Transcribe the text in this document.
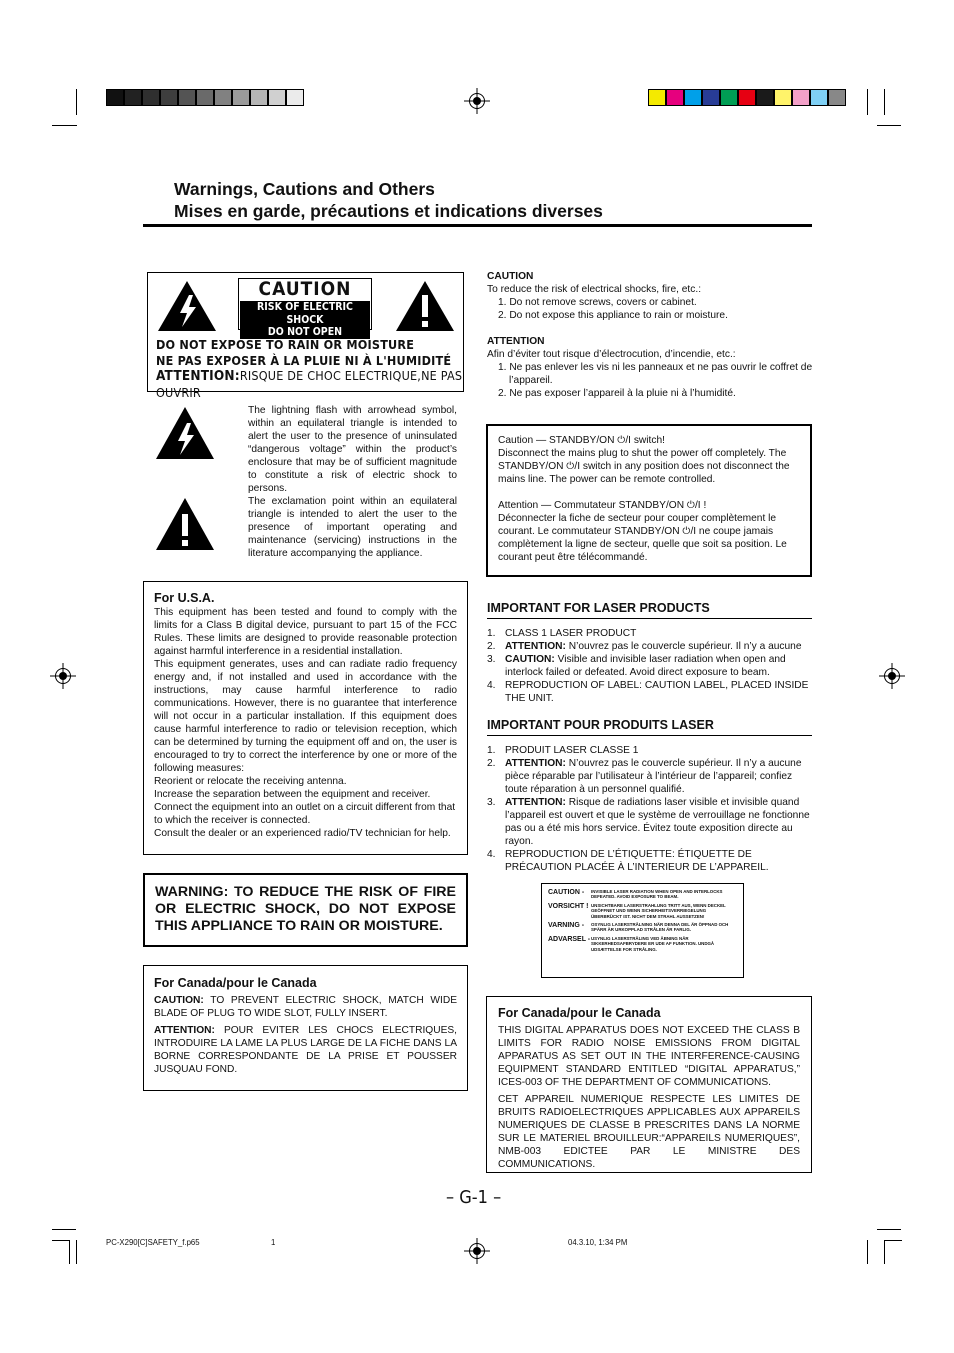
Warnings, Cautions and Others
Mises en garde, précautions et indications diverses
CAUTION
RISK OF ELECTRIC SHOCK
DO NOT OPEN
DO NOT EXPOSE TO RAIN OR MOISTURE
NE PAS EXPOSER À LA PLUIE NI À L'HUMIDITÉ
ATTENTION:RISQUE DE CHOC ELECTRIQUE,NE PAS OUVRIR

The lightning flash with arrowhead symbol, within an equilateral triangle is intended to alert the user to the presence of uninsulated “dangerous voltage” within the product’s enclosure that may be of sufficient magnitude to constitute a risk of electric shock to persons.

The exclamation point within an equilateral triangle is intended to alert the user to the presence of important operating and maintenance (servicing) instructions in the literature accompanying the appliance.

For U.S.A.

This equipment has been tested and found to comply with the limits for a Class B digital device, pursuant to part 15 of the FCC Rules. These limits are designed to provide reasonable protection against harmful interference in a residential installation.

This equipment generates, uses and can radiate radio frequency energy and, if not installed and used in accordance with the instructions, may cause harmful interference to radio communications. However, there is no guarantee that interference will not occur in a particular installation. If this equipment does cause harmful interference to radio or television reception, which can be determined by turning the equipment off and on, the user is encouraged to try to correct the interference by one or more of the following measures:

Reorient or relocate the receiving antenna.

Increase the separation between the equipment and receiver.

Connect the equipment into an outlet on a circuit different from that to which the receiver is connected.

Consult the dealer or an experienced radio/TV technician for help.

WARNING: TO REDUCE THE RISK OF FIRE OR ELECTRIC SHOCK, DO NOT EXPOSE THIS APPLIANCE TO RAIN OR MOISTURE.

For Canada/pour le Canada

CAUTION: TO PREVENT ELECTRIC SHOCK, MATCH WIDE BLADE OF PLUG TO WIDE SLOT, FULLY INSERT.

ATTENTION: POUR EVITER LES CHOCS ELECTRIQUES, INTRODUIRE LA LAME LA PLUS LARGE DE LA FICHE DANS LA BORNE CORRESPONDANTE DE LA PRISE ET POUSSER JUSQUAU FOND.

CAUTION
To reduce the risk of electrical shocks, fire, etc.:
1. Do not remove screws, covers or cabinet.
2. Do not expose this appliance to rain or moisture.
ATTENTION
Afin d’éviter tout risque d’électrocution, d’incendie, etc.:
1. Ne pas enlever les vis ni les panneaux et ne pas ouvrir le coffret de l’appareil.
2. Ne pas exposer l’appareil à la pluie ni à l’humidité.

Caution — STANDBY/ON ⏻/I switch!

Disconnect the mains plug to shut the power off completely. The STANDBY/ON ⏻/I switch in any position does not disconnect the mains line. The power can be remote controlled.

Attention — Commutateur STANDBY/ON ⏻/I !

Déconnecter la fiche de secteur pour couper complètement le courant. Le commutateur STANDBY/ON ⏻/I ne coupe jamais complètement la ligne de secteur, quelle que soit sa position. Le courant peut être télécommandé.

IMPORTANT FOR LASER PRODUCTS
1. CLASS 1 LASER PRODUCT
2. ATTENTION: N’ouvrez pas le couvercle supérieur. Il n’y a aucune
3. CAUTION: Visible and invisible laser radiation when open and interlock failed or defeated. Avoid direct exposure to beam.
4. REPRODUCTION OF LABEL: CAUTION LABEL, PLACED INSIDE THE UNIT.
IMPORTANT POUR PRODUITS LASER
1. PRODUIT LASER CLASSE 1
2. ATTENTION: N’ouvrez pas le couvercle supérieur. Il n’y a aucune pièce réparable par l’utilisateur à l’intérieur de l’appareil; confiez toute réparation à un personnel qualifié.
3. ATTENTION: Risque de radiations laser visible et invisible quand l’appareil est ouvert et que le système de verrouillage ne fonctionne pas ou a été mis hors service. Évitez toute exposition directe au rayon.
4. REPRODUCTION DE L’ÉTIQUETTE: ÉTIQUETTE DE PRÉCAUTION PLACÉE À L’INTERIEUR DE L’APPAREIL.
CAUTION -	INVISIBLE LASER RADIATION WHEN OPEN AND INTERLOCKS DEFEATED. AVOID EXPOSURE TO BEAM.
VORSICHT ! UNSICHTBARE LASERSTRAHLUNG TRITT AUS, WENN DECKEL GEÖFFNET UND WENN SICHERHEITSVERRIEGELUNG ÜBERBRÜCKT IST. NICHT DEM STRAHL AUSSETZEN!
VARNING -	OSYNLIG LASERSTRÅLNING NÄR DENNA DEL ÄR ÖPPNAD OCH SPÄRR ÄR URKOPPLAD STRÅLEN ÄR FARLIG.
ADVARSEL - USYNLIG LASERSTRÅLING VED ÅBNING NÅR SIKKERHEDSAFBRYDERE ER UDE AF FUNKTION. UNDGÅ UDSÆTTELSE FOR STRÅLING.
For Canada/pour le Canada

THIS DIGITAL APPARATUS DOES NOT EXCEED THE CLASS B LIMITS FOR RADIO NOISE EMISSIONS FROM DIGITAL APPARATUS AS SET OUT IN THE INTERFERENCE-CAUSING EQUIPMENT STANDARD ENTITLED “DIGITAL APPARATUS,” ICES-003 OF THE DEPARTMENT OF COMMUNICATIONS.

CET APPAREIL NUMERIQUE RESPECTE LES LIMITES DE BRUITS RADIOELECTRIQUES APPLICABLES AUX APPAREILS NUMERIQUES DE CLASSE B PRESCRITES DANS LA NORME SUR LE MATERIEL BROUILLEUR:“APPAREILS NUMERIQUES”, NMB-003 EDICTEE PAR LE MINISTRE DES COMMUNICATIONS.

– G-1 –
PC-X290[C]SAFETY_f.p65	1	04.3.10, 1:34 PM
